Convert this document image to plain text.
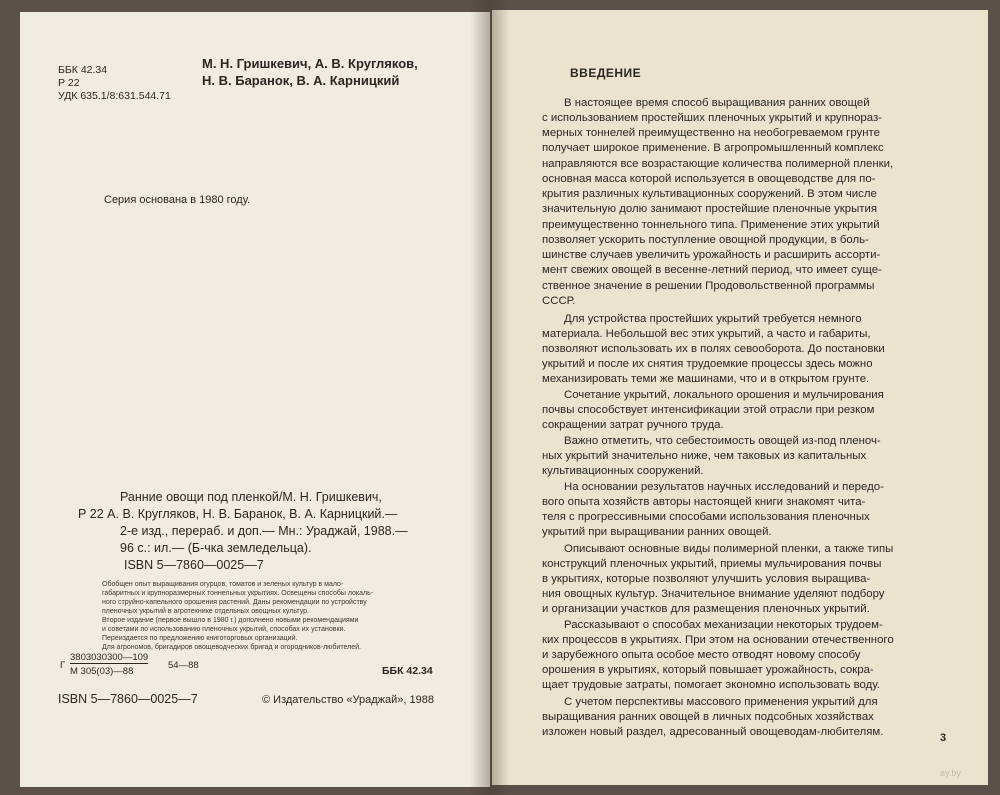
ББК 42.34
Р 22
УДК 635.1/8:631.544.71
М. Н. Гришкевич, А. В. Кругляков,
Н. В. Баранок, В. А. Карницкий
Серия основана в 1980 году.
Ранние овощи под пленкой/М. Н. Гришкевич,
Р 22 А. В. Кругляков, Н. В. Баранок, В. А. Карницкий.—
2-е изд., перераб. и доп.— Мн.: Ураджай, 1988.—
96 с.: ил.— (Б-чка земледельца).
ISBN 5—7860—0025—7
Обобщен опыт выращивания огурцов, томатов и зеленых культур в мало-
габаритных и крупноразмерных тоннельных укрытиях. Освещены способы локаль-
ного струйно-капельного орошения растений. Даны рекомендации по устройству
пленочных укрытий в агротехнике отдельных овощных культур.
Второе издание (первое вышло в 1980 г.) дополнено новыми рекомендациями
и советами по использованию пленочных укрытий, способах их установки.
Переиздается по предложению книготорговых организаций.
Для агрономов, бригадиров овощеводческих бригад и огородников-любителей.
Г
3803030300—109
М 305(03)—88
54—88	ББК 42.34
ISBN 5—7860—0025—7	© Издательство «Ураджай», 1988
ВВЕДЕНИЕ
В настоящее время способ выращивания ранних овощей
с использованием простейших пленочных укрытий и крупнораз-
мерных тоннелей преимущественно на необогреваемом грунте
получает широкое применение. В агропромышленный комплекс
направляются все возрастающие количества полимерной пленки,
основная масса которой используется в овощеводстве для по-
крытия различных культивационных сооружений. В этом числе
значительную долю занимают простейшие пленочные укрытия
преимущественно тоннельного типа. Применение этих укрытий
позволяет ускорить поступление овощной продукции, в боль-
шинстве случаев увеличить урожайность и расширить ассорти-
мент свежих овощей в весенне-летний период, что имеет суще-
ственное значение в решении Продовольственной программы
СССР.
Для устройства простейших укрытий требуется немного
материала. Небольшой вес этих укрытий, а часто и габариты,
позволяют использовать их в полях севооборота. До постановки
укрытий и после их снятия трудоемкие процессы здесь можно
механизировать теми же машинами, что и в открытом грунте.
Сочетание укрытий, локального орошения и мульчирования
почвы способствует интенсификации этой отрасли при резком
сокращении затрат ручного труда.
Важно отметить, что себестоимость овощей из-под пленоч-
ных укрытий значительно ниже, чем таковых из капитальных
культивационных сооружений.
На основании результатов научных исследований и передо-
вого опыта хозяйств авторы настоящей книги знакомят чита-
теля с прогрессивными способами использования пленочных
укрытий при выращивании ранних овощей.
Описывают основные виды полимерной пленки, а также типы
конструкций пленочных укрытий, приемы мульчирования почвы
в укрытиях, которые позволяют улучшить условия выращива-
ния овощных культур. Значительное внимание уделяют подбору
и организации участков для размещения пленочных укрытий.
Рассказывают о способах механизации некоторых трудоем-
ких процессов в укрытиях. При этом на основании отечественного
и зарубежного опыта особое место отводят новому способу
орошения в укрытиях, который повышает урожайность, сокра-
щает трудовые затраты, помогает экономно использовать воду.
С учетом перспективы массового применения укрытий для
выращивания ранних овощей в личных подсобных хозяйствах
изложен новый раздел, адресованный овощеводам-любителям.	3
ay.by
